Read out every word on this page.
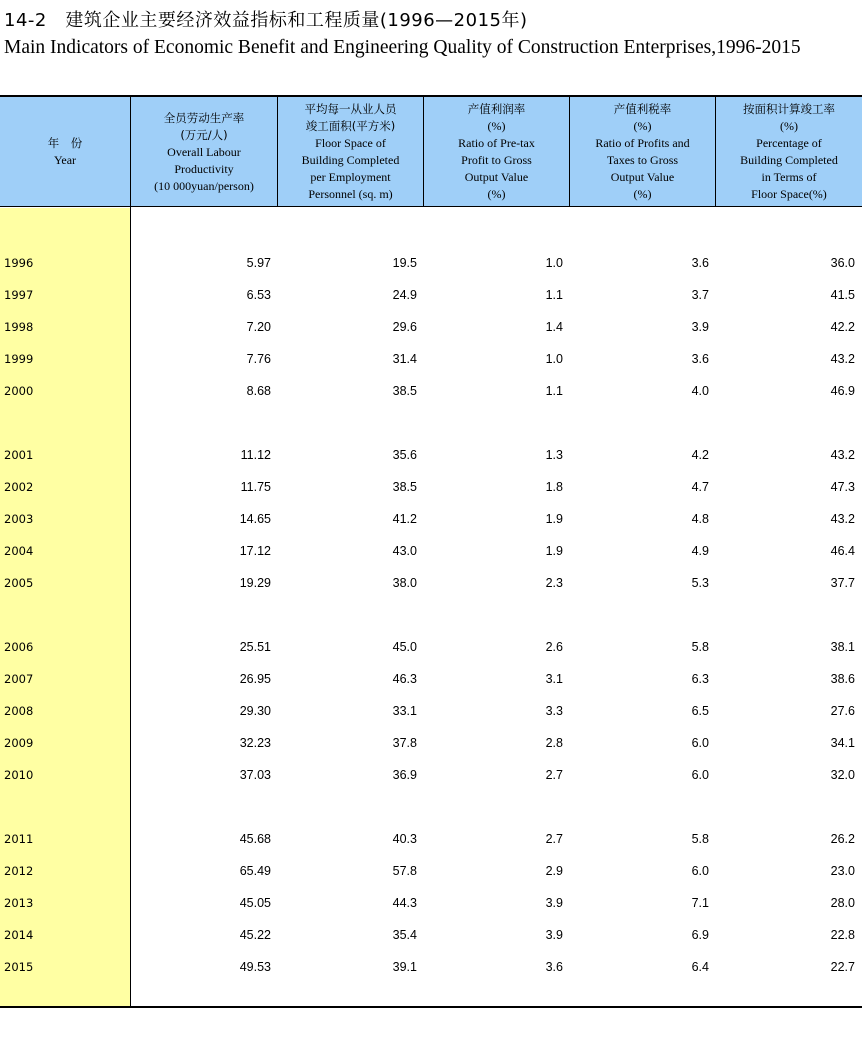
14-2　建筑企业主要经济效益指标和工程质量(1996—2015年)
Main Indicators of Economic Benefit and Engineering Quality of Construction Enterprises,1996-2015
年　份
Year
全员劳动生产率
(万元/人)
Overall Labour
Productivity
(10 000yuan/person)
平均每一从业人员
竣工面积(平方米)
Floor Space of
Building Completed
per Employment
Personnel (sq. m)
产值利润率
(%)
Ratio of Pre-tax
Profit to Gross
Output Value
(%)
产值利税率
(%)
Ratio of Profits and
Taxes to Gross
Output Value
(%)
按面积计算竣工率
(%)
Percentage of
Building Completed
in Terms of
Floor Space(%)
1996	5.97	19.5	1.0	3.6	36.0
1997	6.53	24.9	1.1	3.7	41.5
1998	7.20	29.6	1.4	3.9	42.2
1999	7.76	31.4	1.0	3.6	43.2
2000	8.68	38.5	1.1	4.0	46.9
2001	11.12	35.6	1.3	4.2	43.2
2002	11.75	38.5	1.8	4.7	47.3
2003	14.65	41.2	1.9	4.8	43.2
2004	17.12	43.0	1.9	4.9	46.4
2005	19.29	38.0	2.3	5.3	37.7
2006	25.51	45.0	2.6	5.8	38.1
2007	26.95	46.3	3.1	6.3	38.6
2008	29.30	33.1	3.3	6.5	27.6
2009	32.23	37.8	2.8	6.0	34.1
2010	37.03	36.9	2.7	6.0	32.0
2011	45.68	40.3	2.7	5.8	26.2
2012	65.49	57.8	2.9	6.0	23.0
2013	45.05	44.3	3.9	7.1	28.0
2014	45.22	35.4	3.9	6.9	22.8
2015	49.53	39.1	3.6	6.4	22.7
